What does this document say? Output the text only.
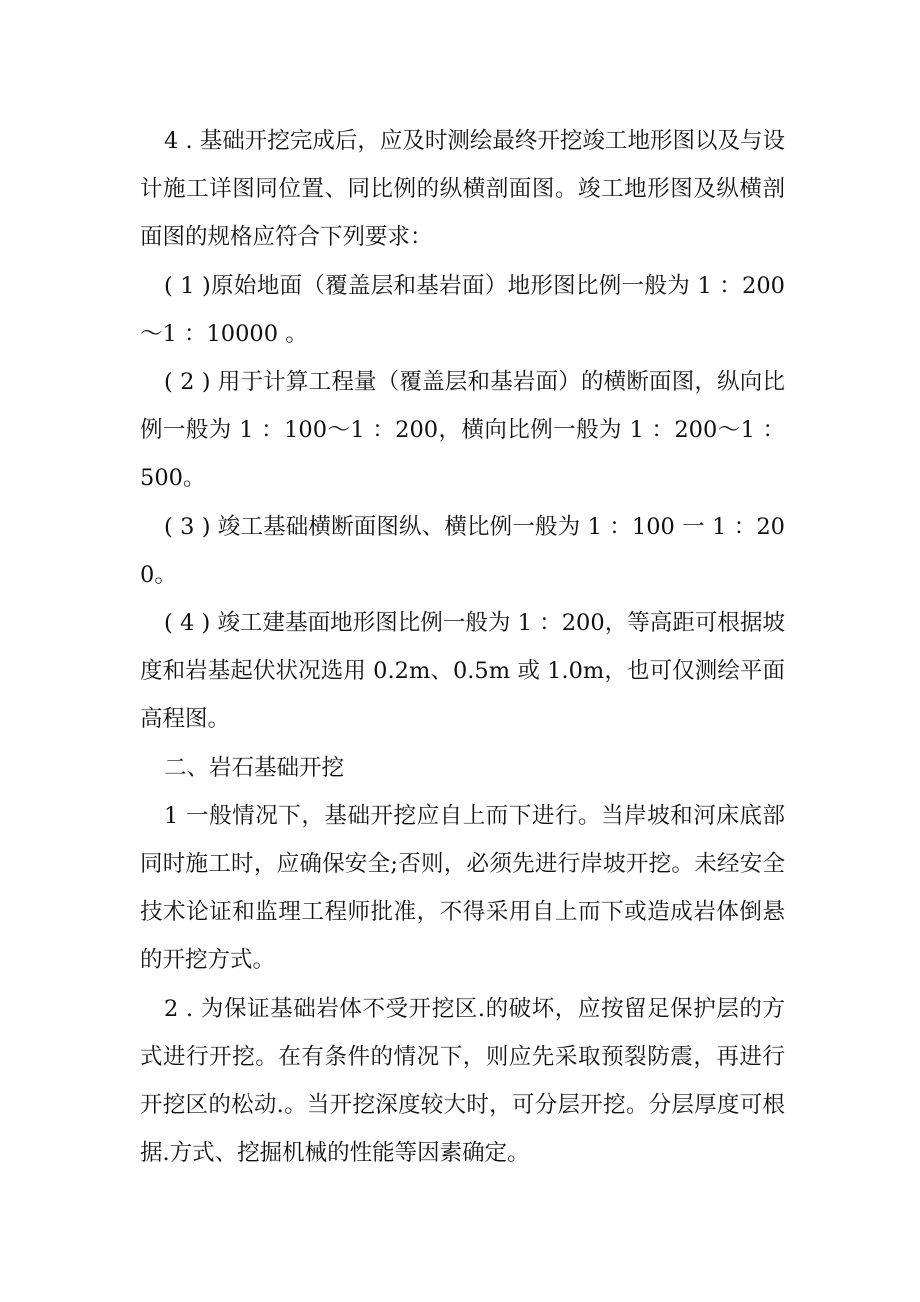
4 . 基础开挖完成后，应及时测绘最终开挖竣工地形图以及与设计施工详图同位置、同比例的纵横剖面图。竣工地形图及纵横剖面图的规格应符合下列要求：

( 1 )原始地面（覆盖层和基岩面）地形图比例一般为 1 ：200～1 ：10000 。

( 2 ) 用于计算工程量（覆盖层和基岩面）的横断面图，纵向比例一般为 1 ：100～1 ：200，横向比例一般为 1 ：200～1 ：500。

( 3 ) 竣工基础横断面图纵、横比例一般为 1 ：100 一 1 ：200。

( 4 ) 竣工建基面地形图比例一般为 1 ：200，等高距可根据坡度和岩基起伏状况选用 0.2m、0.5m 或 1.0m，也可仅测绘平面高程图。

二、岩石基础开挖

1 一般情况下，基础开挖应自上而下进行。当岸坡和河床底部同时施工时，应确保安全;否则，必须先进行岸坡开挖。未经安全技术论证和监理工程师批准，不得采用自上而下或造成岩体倒悬的开挖方式。

2 . 为保证基础岩体不受开挖区.的破坏，应按留足保护层的方式进行开挖。在有条件的情况下，则应先采取预裂防震，再进行开挖区的松动.。当开挖深度较大时，可分层开挖。分层厚度可根据.方式、挖掘机械的性能等因素确定。
